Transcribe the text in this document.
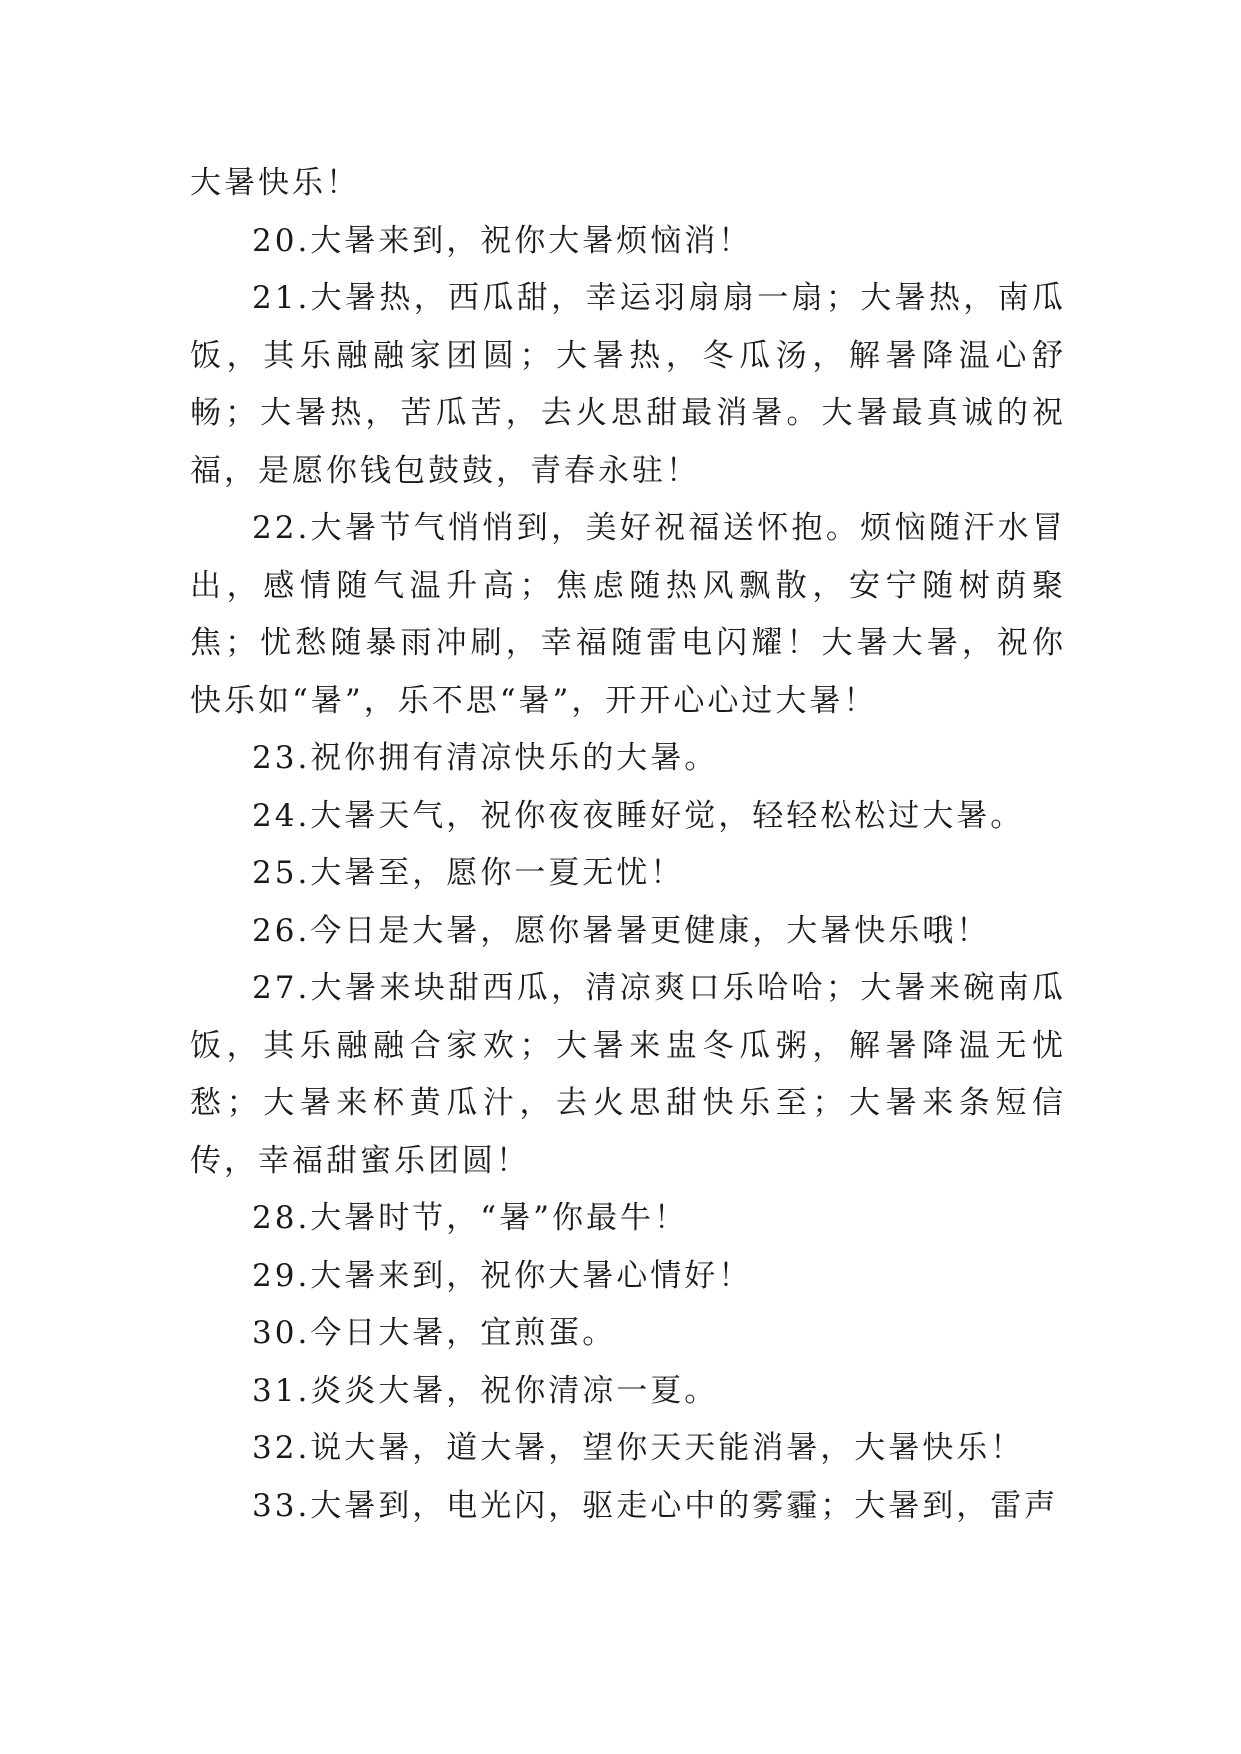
大暑快乐！

20.大暑来到，祝你大暑烦恼消！

21.大暑热，西瓜甜，幸运羽扇扇一扇；大暑热，南瓜饭，其乐融融家团圆；大暑热，冬瓜汤，解暑降温心舒畅；大暑热，苦瓜苦，去火思甜最消暑。大暑最真诚的祝福，是愿你钱包鼓鼓，青春永驻！

22.大暑节气悄悄到，美好祝福送怀抱。烦恼随汗水冒出，感情随气温升高；焦虑随热风飘散，安宁随树荫聚焦；忧愁随暴雨冲刷，幸福随雷电闪耀！大暑大暑，祝你快乐如“暑”，乐不思“暑”，开开心心过大暑！

23.祝你拥有清凉快乐的大暑。

24.大暑天气，祝你夜夜睡好觉，轻轻松松过大暑。

25.大暑至，愿你一夏无忧！

26.今日是大暑，愿你暑暑更健康，大暑快乐哦！

27.大暑来块甜西瓜，清凉爽口乐哈哈；大暑来碗南瓜饭，其乐融融合家欢；大暑来盅冬瓜粥，解暑降温无忧愁；大暑来杯黄瓜汁，去火思甜快乐至；大暑来条短信传，幸福甜蜜乐团圆！

28.大暑时节，“暑”你最牛！

29.大暑来到，祝你大暑心情好！

30.今日大暑，宜煎蛋。

31.炎炎大暑，祝你清凉一夏。

32.说大暑，道大暑，望你天天能消暑，大暑快乐！

33.大暑到，电光闪，驱走心中的雾霾；大暑到，雷声
